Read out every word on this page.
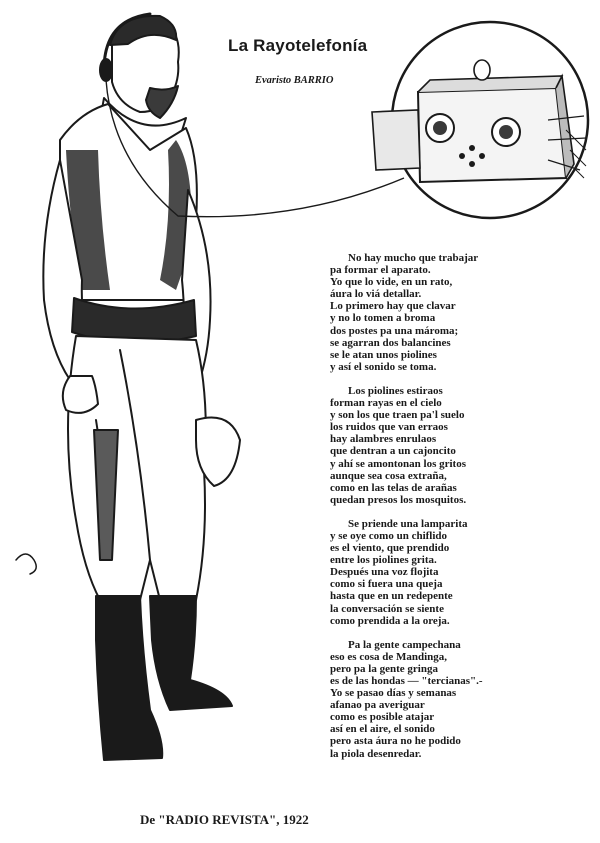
La Rayotelefonía
Evaristo BARRIO
No hay mucho que trabajar
pa formar el aparato.
Yo que lo vide, en un rato,
áura lo viá detallar.
Lo primero hay que clavar
y no lo tomen a broma
dos postes pa una mároma;
se agarran dos balancines
se le atan unos piolines
y así el sonido se toma.
Los piolines estiraos
forman rayas en el cielo
y son los que traen pa'l suelo
los ruidos que van erraos
hay alambres enrulaos
que dentran a un cajoncito
y ahí se amontonan los gritos
aunque sea cosa extraña,
como en las telas de arañas
quedan presos los mosquitos.
Se priende una lamparita
y se oye como un chiflido
es el viento, que prendido
entre los piolines grita.
Después una voz flojita
como si fuera una queja
hasta que en un redepente
la conversación se siente
como prendida a la oreja.
Pa la gente campechana
eso es cosa de Mandinga,
pero pa la gente gringa
es de las hondas — "tercianas".-
Yo se pasao días y semanas
afanao pa averiguar
como es posible atajar
así en el aire, el sonido
pero asta áura no he podido
la piola desenredar.
De "RADIO REVISTA", 1922
